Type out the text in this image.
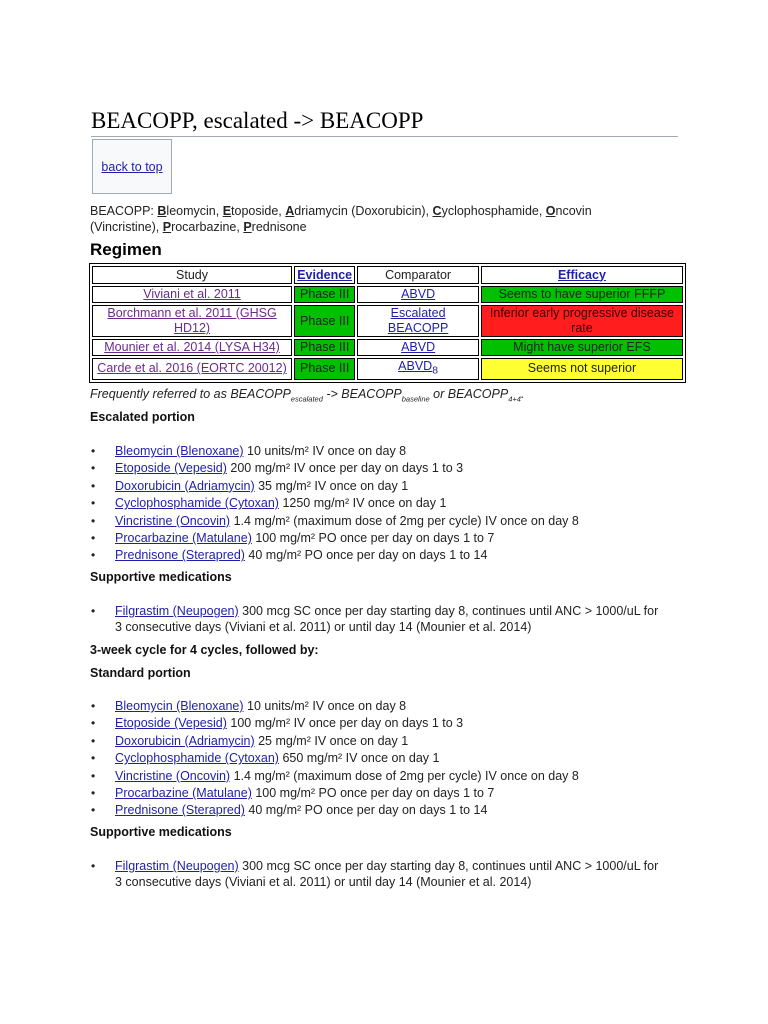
BEACOPP, escalated -> BEACOPP
back to top
BEACOPP: Bleomycin, Etoposide, Adriamycin (Doxorubicin), Cyclophosphamide, Oncovin (Vincristine), Procarbazine, Prednisone
Regimen
Study	Evidence	Comparator	Efficacy
Viviani et al. 2011	Phase III	ABVD	Seems to have superior FFFP
Borchmann et al. 2011 (GHSG HD12)	Phase III	Escalated BEACOPP	Inferior early progressive disease rate
Mounier et al. 2014 (LYSA H34)	Phase III	ABVD	Might have superior EFS
Carde et al. 2016 (EORTC 20012)	Phase III	$ABVD_8$	Seems not superior
Frequently referred to as $BEACOPP_{escalated}$ -> $BEACOPP_{baseline}$ or $BEACOPP_{4+4}$.
Escalated portion
• Bleomycin (Blenoxane) 10 units/m² IV once on day 8
• Etoposide (Vepesid) 200 mg/m² IV once per day on days 1 to 3
• Doxorubicin (Adriamycin) 35 mg/m² IV once on day 1
• Cyclophosphamide (Cytoxan) 1250 mg/m² IV once on day 1
• Vincristine (Oncovin) 1.4 mg/m² (maximum dose of 2mg per cycle) IV once on day 8
• Procarbazine (Matulane) 100 mg/m² PO once per day on days 1 to 7
• Prednisone (Sterapred) 40 mg/m² PO once per day on days 1 to 14
Supportive medications
• Filgrastim (Neupogen) 300 mcg SC once per day starting day 8, continues until ANC > 1000/uL for 3 consecutive days (Viviani et al. 2011) or until day 14 (Mounier et al. 2014)
3-week cycle for 4 cycles, followed by:
Standard portion
• Bleomycin (Blenoxane) 10 units/m² IV once on day 8
• Etoposide (Vepesid) 100 mg/m² IV once per day on days 1 to 3
• Doxorubicin (Adriamycin) 25 mg/m² IV once on day 1
• Cyclophosphamide (Cytoxan) 650 mg/m² IV once on day 1
• Vincristine (Oncovin) 1.4 mg/m² (maximum dose of 2mg per cycle) IV once on day 8
• Procarbazine (Matulane) 100 mg/m² PO once per day on days 1 to 7
• Prednisone (Sterapred) 40 mg/m² PO once per day on days 1 to 14
Supportive medications
• Filgrastim (Neupogen) 300 mcg SC once per day starting day 8, continues until ANC > 1000/uL for 3 consecutive days (Viviani et al. 2011) or until day 14 (Mounier et al. 2014)
